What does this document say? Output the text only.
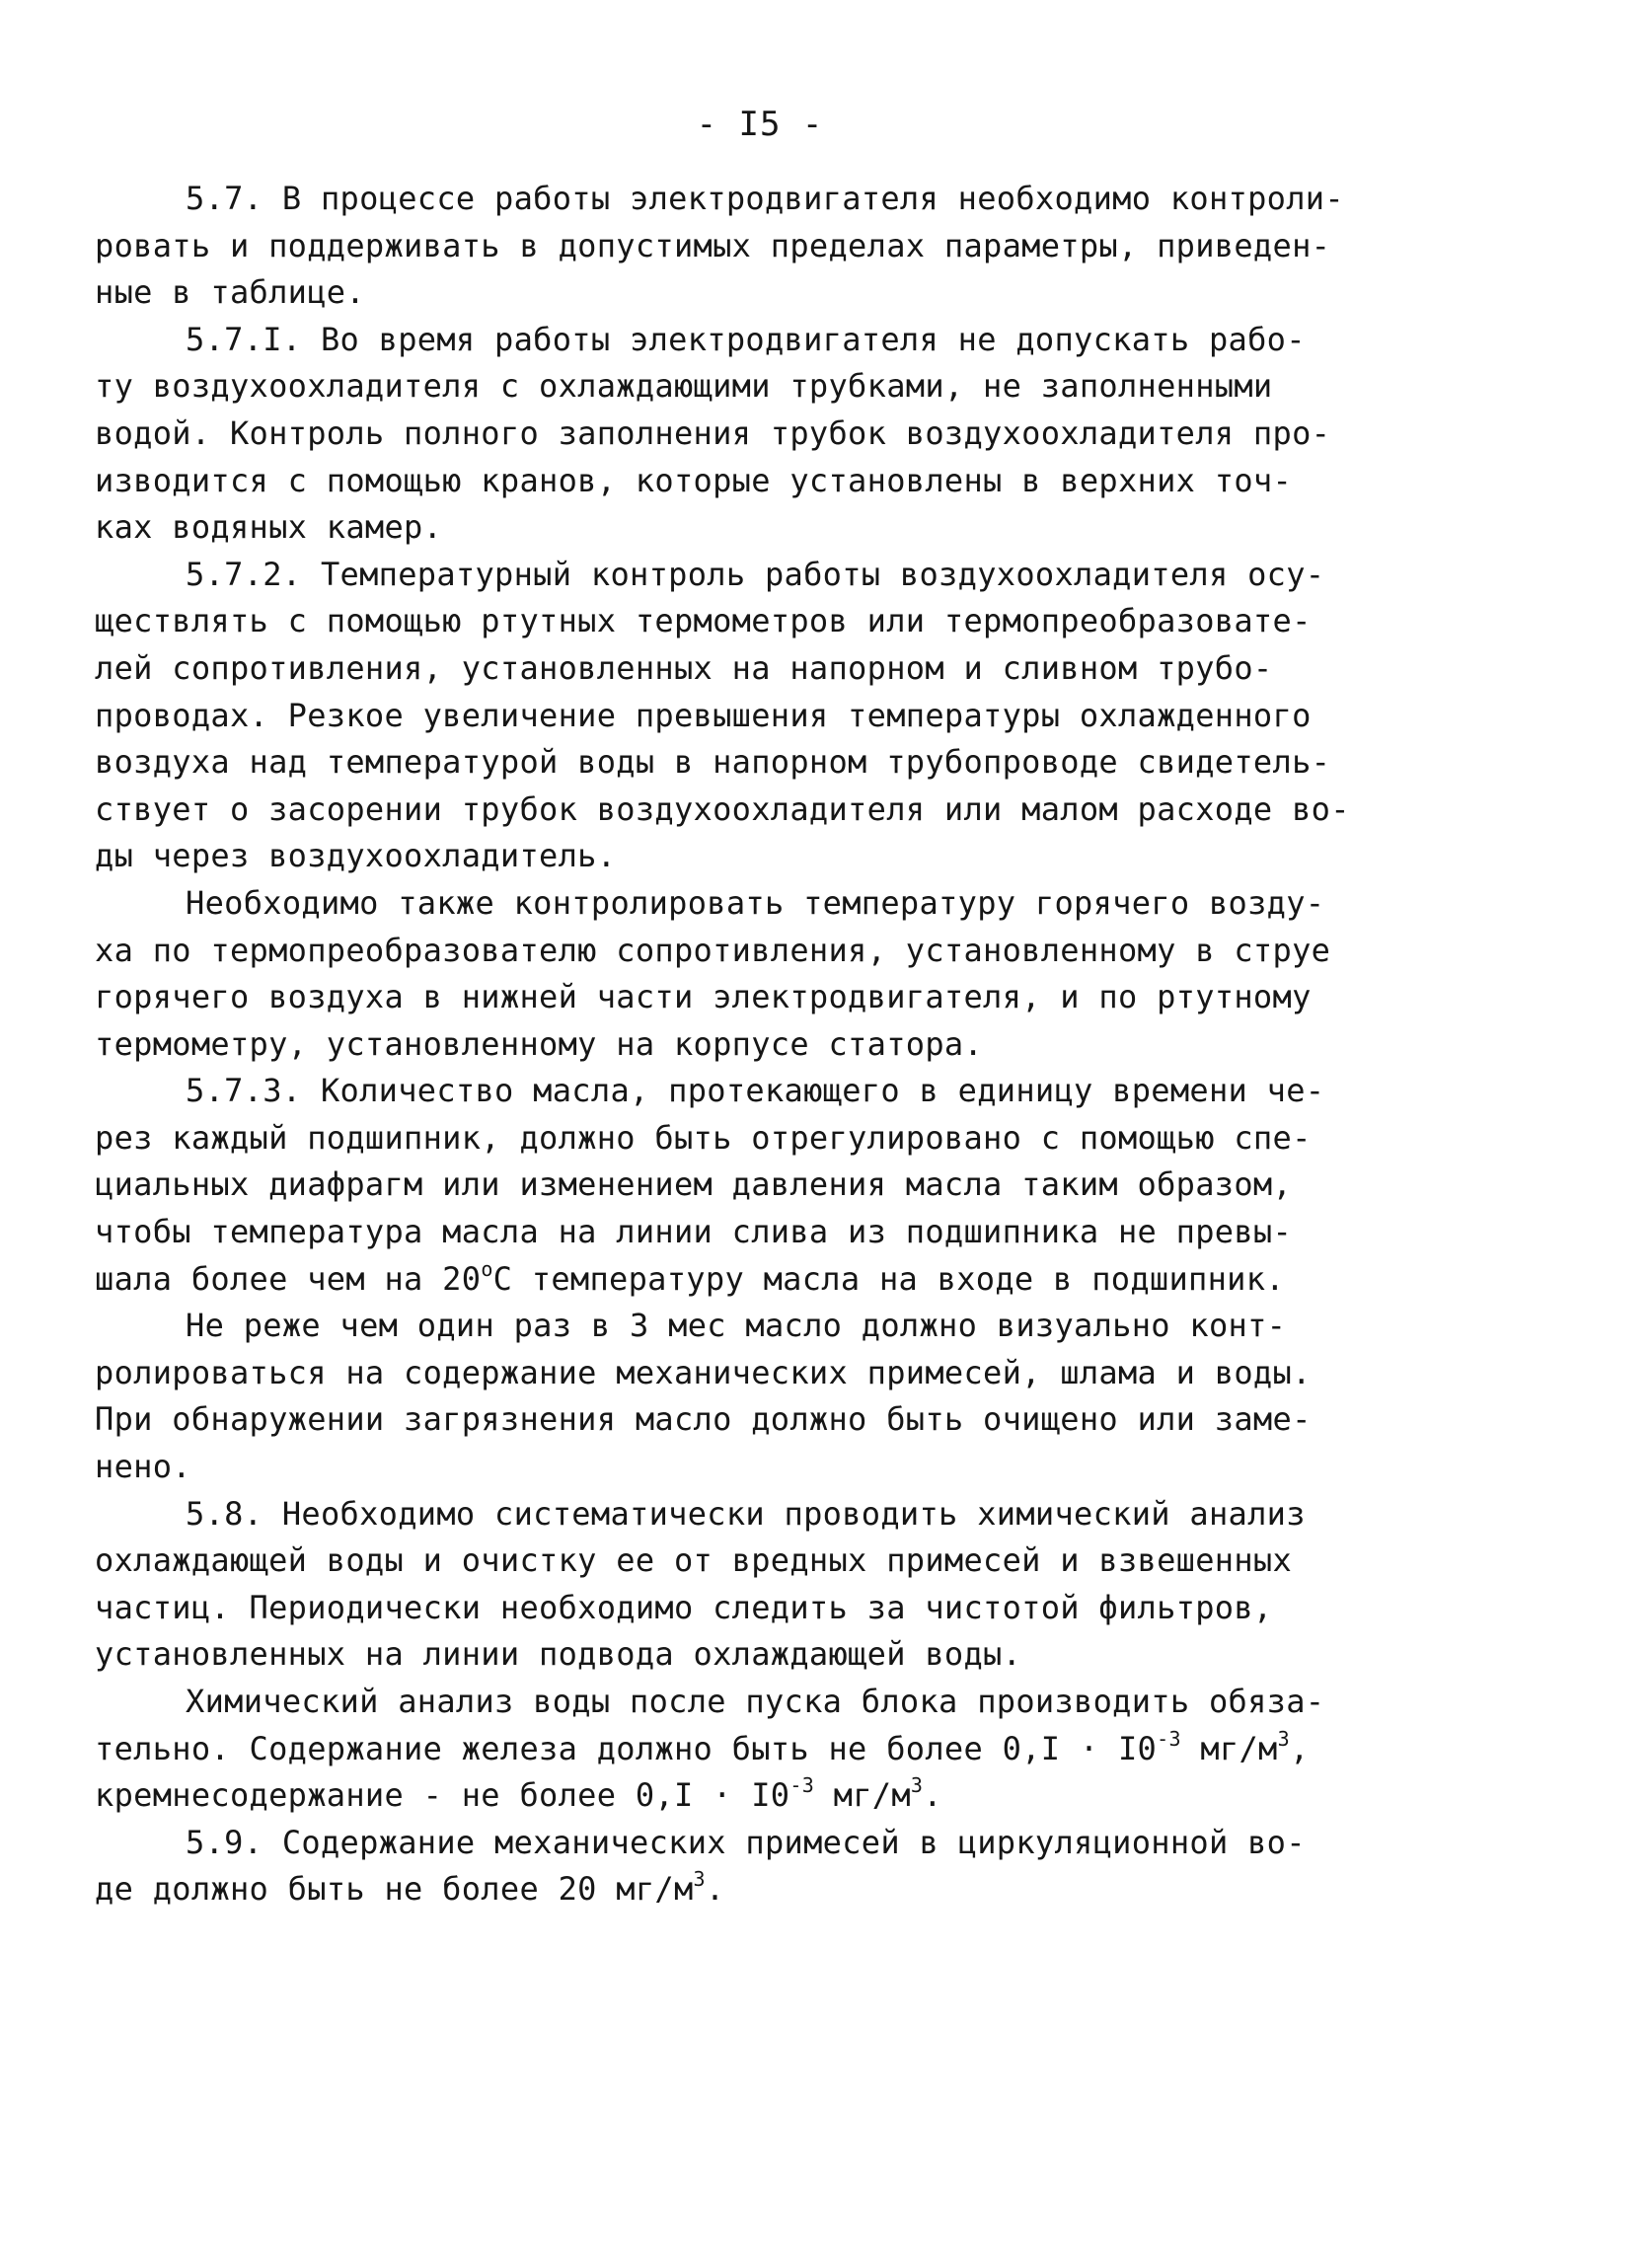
- I5 -

5.7. В процессе работы электродвигателя необходимо контроли-
ровать и поддерживать в допустимых пределах параметры, приведен-
ные в таблице.
5.7.I. Во время работы электродвигателя не допускать рабо-
ту воздухоохладителя с охлаждающими трубками, не заполненными
водой. Контроль полного заполнения трубок воздухоохладителя про-
изводится с помощью кранов, которые установлены в верхних точ-
ках водяных камер.
5.7.2. Температурный контроль работы воздухоохладителя осу-
ществлять с помощью ртутных термометров или термопреобразовате-
лей сопротивления, установленных на напорном и сливном трубо-
проводах. Резкое увеличение превышения температуры охлажденного
воздуха над температурой воды в напорном трубопроводе свидетель-
ствует о засорении трубок воздухоохладителя или малом расходе во-
ды через воздухоохладитель.
Необходимо также контролировать температуру горячего возду-
ха по термопреобразователю сопротивления, установленному в струе
горячего воздуха в нижней части электродвигателя, и по ртутному
термометру, установленному на корпусе статора.
5.7.3. Количество масла, протекающего в единицу времени че-
рез каждый подшипник, должно быть отрегулировано с помощью спе-
циальных диафрагм или изменением давления масла таким образом,
чтобы температура масла на линии слива из подшипника не превы-
шала более чем на $20^оС$ температуру масла на входе в подшипник.
Не реже чем один раз в 3 мес масло должно визуально конт-
ролироваться на содержание механических примесей, шлама и воды.
При обнаружении загрязнения масло должно быть очищено или заме-
нено.
5.8. Необходимо систематически проводить химический анализ
охлаждающей воды и очистку ее от вредных примесей и взвешенных
частиц. Периодически необходимо следить за чистотой фильтров,
установленных на линии подвода охлаждающей воды.
Химический анализ воды после пуска блока производить обяза-
тельно. Содержание железа должно быть не более $0,I \cdot I0^{-3}$ $мг/м^3$,
кремнесодержание - не более $0,I \cdot I0^{-3}$ $мг/м^3$.
5.9. Содержание механических примесей в циркуляционной во-
де должно быть не более 20 $мг/м^3$.
